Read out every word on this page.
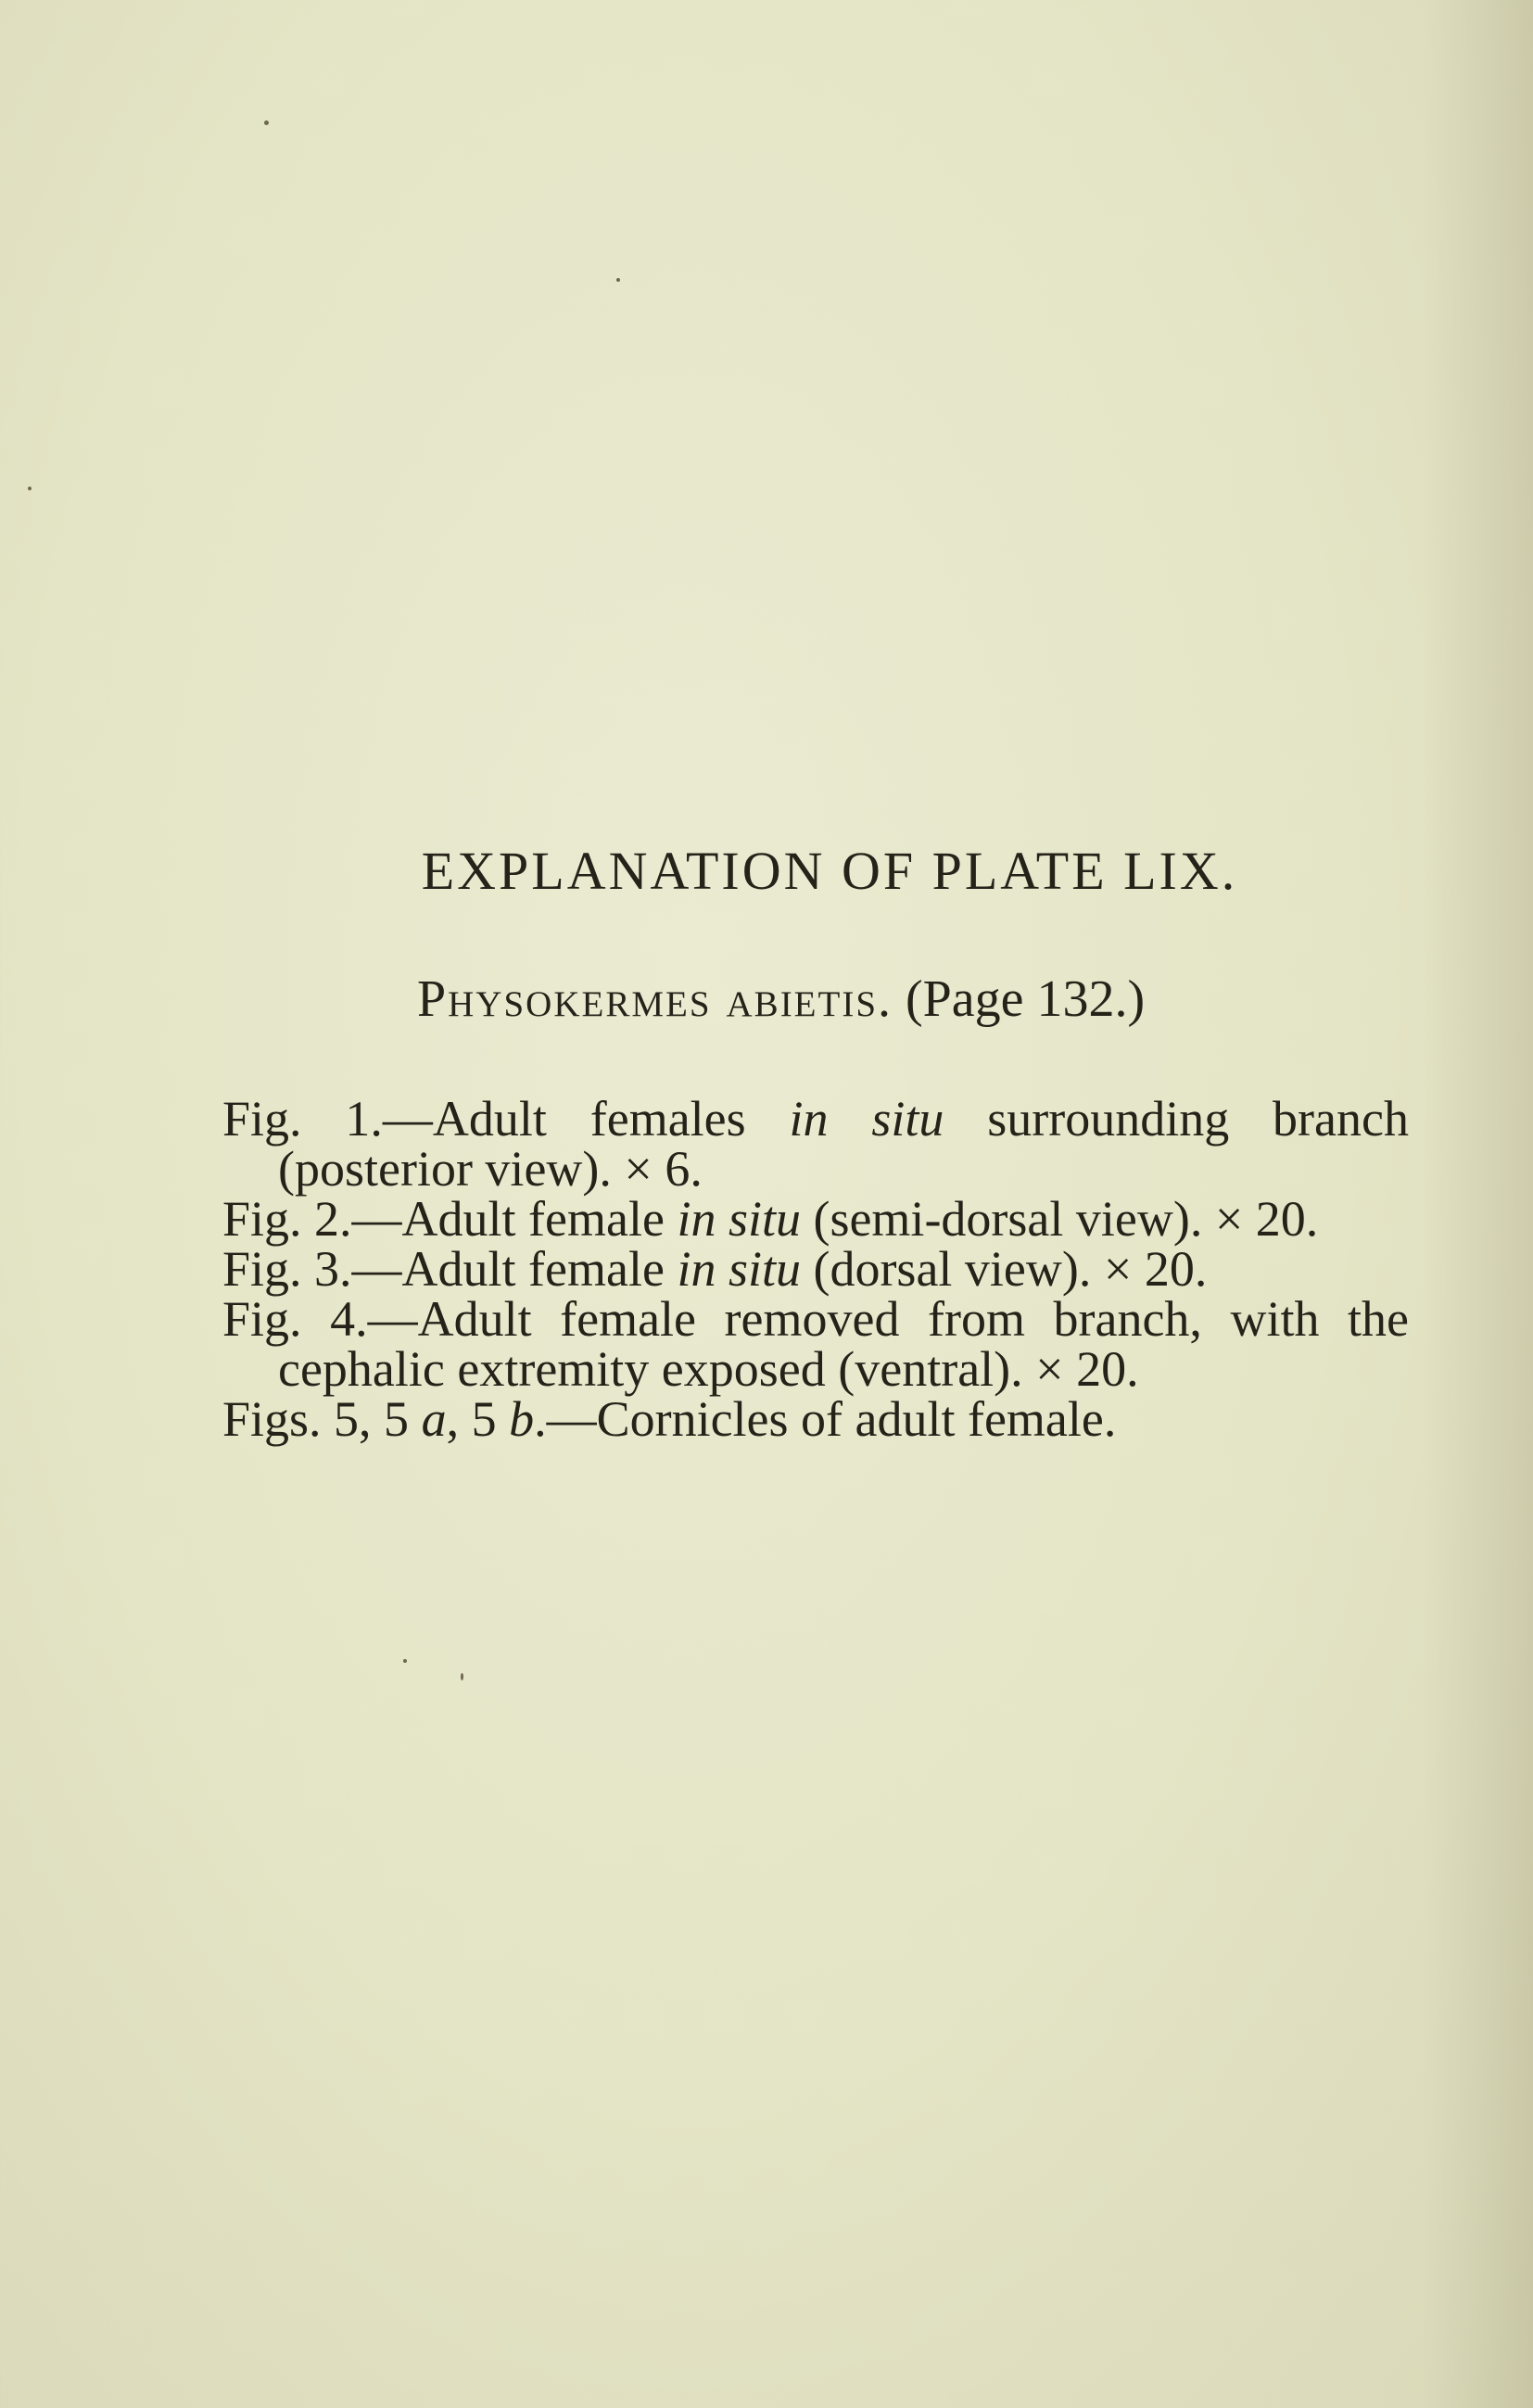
EXPLANATION OF PLATE LIX.
Physokermes abietis. (Page 132.)
Fig. 1.—Adult females in situ surrounding branch (posterior view). × 6.
Fig. 2.—Adult female in situ (semi-dorsal view). × 20.
Fig. 3.—Adult female in situ (dorsal view). × 20.
Fig. 4.—Adult female removed from branch, with the cephalic extremity exposed (ventral). × 20.
Figs. 5, 5 a, 5 b.—Cornicles of adult female.
